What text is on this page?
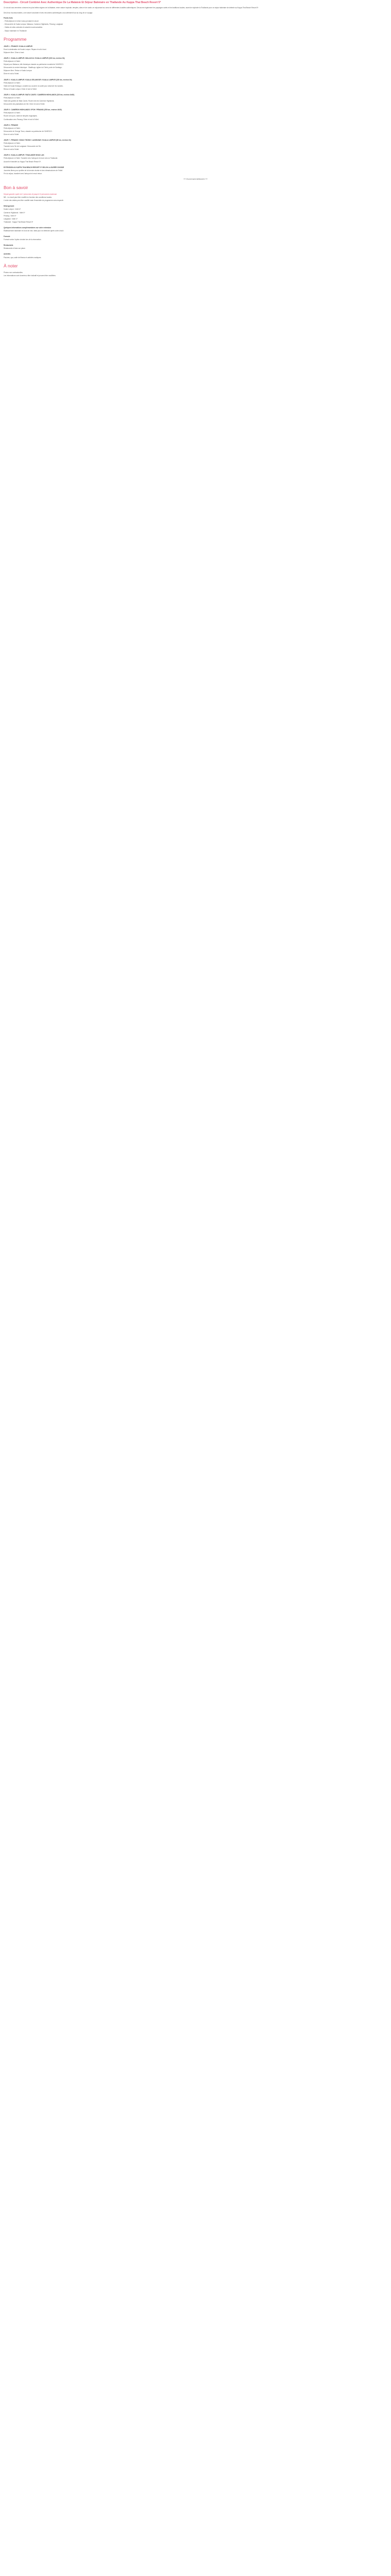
Description - Circuit Combiné Avec Authentique De La Malaisie Et Séjour Balnéaire en Thaïlande Au Kappa Thai Beach Resort 5*

Ce circuit vous emmène à travers les plus belles régions de la Malaisie, entre nature tropicale, temples, sites et vie rurale, en séjournant au cœur de différentes localités authentiques. Découvrez également les paysages variés et les traditions locales, avant de rejoindre la Thaïlande pour un séjour balnéaire de détente au Kappa Thai Beach Resort 5*.

Des lieux incontournables, une nature luxuriante et des rencontres authentiques vous attendent tout au long de ce voyage.

Points forts

- Petit-déjeuner et dîner inclus pendant le circuit

- Découverte de Kuala Lumpur, Malacca, Cameron Highlands, Penang, Langkawi

- Visites de sites culturels et naturels incontournables

- Séjour balnéaire en Thaïlande

Programme

JOUR 1 : FRANCE / KUALA LUMPUR

Envol à destination de Kuala Lumpur. Repas et nuit à bord.

Déjeuner libre. Dîner à bord.

JOUR 2 : KUALA LUMPUR / MALACCA / KUALA LUMPUR (190 km, environ 3h)

Petit-déjeuner à l'hôtel.

Départ pour Malacca, ville historique classée au patrimoine mondial de l'UNESCO.

Découverte du centre historique : Stadthuys, église du Christ, porte de Santiago.

Déjeuner libre. Retour à Kuala Lumpur.

Dîner et nuit à l'hôtel.

JOUR 3 : KUALA LUMPUR / KUALA SELANGOR / KUALA LUMPUR (150 km, environ 3h)

Petit-déjeuner à l'hôtel.

Visite de Kuala Selangor, croisière au coucher du soleil pour observer les lucioles.

Retour à Kuala Lumpur. Dîner et nuit à l'hôtel.

JOUR 4 : KUALA LUMPUR / BATU CAVES / CAMERON HIGHLANDS (215 km, environ 4h30)

Petit-déjeuner à l'hôtel.

Visite des grottes de Batu Caves. Route vers les Cameron Highlands.

Découverte des plantations de thé. Dîner et nuit à l'hôtel.

JOUR 5 : CAMERON HIGHLANDS / IPOH / PENANG (250 km, environ 4h30)

Petit-déjeuner à l'hôtel.

Route vers Ipoh, visite de temples troglodytes.

Continuation vers Penang. Dîner et nuit à l'hôtel.

JOUR 6 : PENANG

Petit-déjeuner à l'hôtel.

Découverte de George Town, classée au patrimoine de l'UNESCO.

Dîner et nuit à l'hôtel.

JOUR 7 : PENANG / KHAO THONG / LANGKAWI / KUALA LUMPUR (85 km, environ 4h)

Petit-déjeuner à l'hôtel.

Transfert vers l'île de Langkawi. Découverte de l'île.

Dîner et nuit à l'hôtel.

JOUR 8 : KUALA LUMPUR / THAILANDE KHAO LAK

Petit-déjeuner à l'hôtel. Transfert vers l'aéroport et envol vers la Thaïlande.

Accueil et transfert au Kappa Thai Beach Resort 5*.

EXTENSION AU KAPPA THAI BEACH RESORT 5* SELON LA DURÉE CHOISIE

Journées libres pour profiter de la formule choisie et des infrastructures de l'hôtel.

Fin du séjour, transfert vers l'aéroport et envol retour.

**** FIN DE NOS SERVICES ****

Bon à savoir

Départ garanti à partir de 2 personnes et jusqu'à 24 personnes maximum

NB : Le circuit peut être modifié en fonction des conditions locales.

L'ordre des visites peut être modifié mais l'ensemble du programme sera respecté.

Hébergement

Kuala Lumpur : hôtel 4*

Cameron Highlands : hôtel 4*

Penang : hôtel 4*

Langkawi : hôtel 4*

Thaïlande : Kappa Thai Beach Resort 5*

Quelques informations complémentaires sur votre extension

Établissement balnéaire en bord de mer, idéal pour se détendre après votre circuit.

Formule

Formule selon l'option choisie lors de la réservation.

Restaurants

Restaurants et bars sur place.

Activités

Piscines, spa, salle de fitness et activités nautiques.

À noter

Photos non contractuelles.

Les informations sont données à titre indicatif et peuvent être modifiées.
